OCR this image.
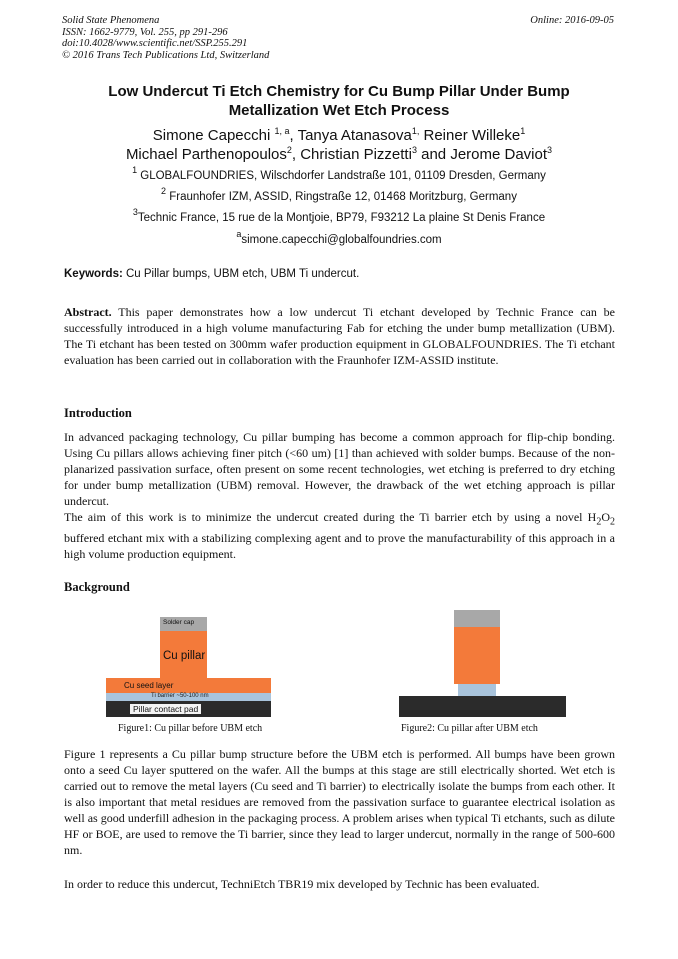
Solid State Phenomena
ISSN: 1662-9779, Vol. 255, pp 291-296
doi:10.4028/www.scientific.net/SSP.255.291
© 2016 Trans Tech Publications Ltd, Switzerland
Online: 2016-09-05
Low Undercut Ti Etch Chemistry for Cu Bump Pillar Under Bump
Metallization Wet Etch Process
Simone Capecchi $^{1, a}$, Tanya Atanasova$^{1,}$ Reiner Willeke$^1$
Michael Parthenopoulos$^2$, Christian Pizzetti$^3$ and Jerome Daviot$^3$
$^1$ GLOBALFOUNDRIES, Wilschdorfer Landstraße 101, 01109 Dresden, Germany
$^2$ Fraunhofer IZM, ASSID, Ringstraße 12, 01468 Moritzburg, Germany
$^3$Technic France, 15 rue de la Montjoie, BP79, F93212 La plaine St Denis France
$^a$simone.capecchi@globalfoundries.com
Keywords: Cu Pillar bumps, UBM etch, UBM Ti undercut.

Abstract. This paper demonstrates how a low undercut Ti etchant developed by Technic France can be successfully introduced in a high volume manufacturing Fab for etching the under bump metallization (UBM). The Ti etchant has been tested on 300mm wafer production equipment in GLOBALFOUNDRIES. The Ti etchant evaluation has been carried out in collaboration with the Fraunhofer IZM-ASSID institute.

Introduction

In advanced packaging technology, Cu pillar bumping has become a common approach for flip-chip bonding. Using Cu pillars allows achieving finer pitch (<60 um) [1] than achieved with solder bumps. Because of the non-planarized passivation surface, often present on some recent technologies, wet etching is preferred to dry etching for under bump metallization (UBM) removal. However, the drawback of the wet etching approach is pillar undercut.

The aim of this work is to minimize the undercut created during the Ti barrier etch by using a novel $H_2O_2$ buffered etchant mix with a stabilizing complexing agent and to prove the manufacturability of this approach in a high volume production equipment.

Background
Solder cap
Cu pillar
Cu seed layer
Ti barrier ~50-100 nm
Pillar contact pad
Figure1: Cu pillar before UBM etch	Figure2: Cu pillar after UBM etch

Figure 1 represents a Cu pillar bump structure before the UBM etch is performed. All bumps have been grown onto a seed Cu layer sputtered on the wafer. All the bumps at this stage are still electrically shorted. Wet etch is carried out to remove the metal layers (Cu seed and Ti barrier) to electrically isolate the bumps from each other. It is also important that metal residues are removed from the passivation surface to guarantee electrical isolation as well as good underfill adhesion in the packaging process. A problem arises when typical Ti etchants, such as dilute HF or BOE, are used to remove the Ti barrier, since they lead to larger undercut, normally in the range of 500-600 nm.

In order to reduce this undercut, TechniEtch TBR19 mix developed by Technic has been evaluated.
